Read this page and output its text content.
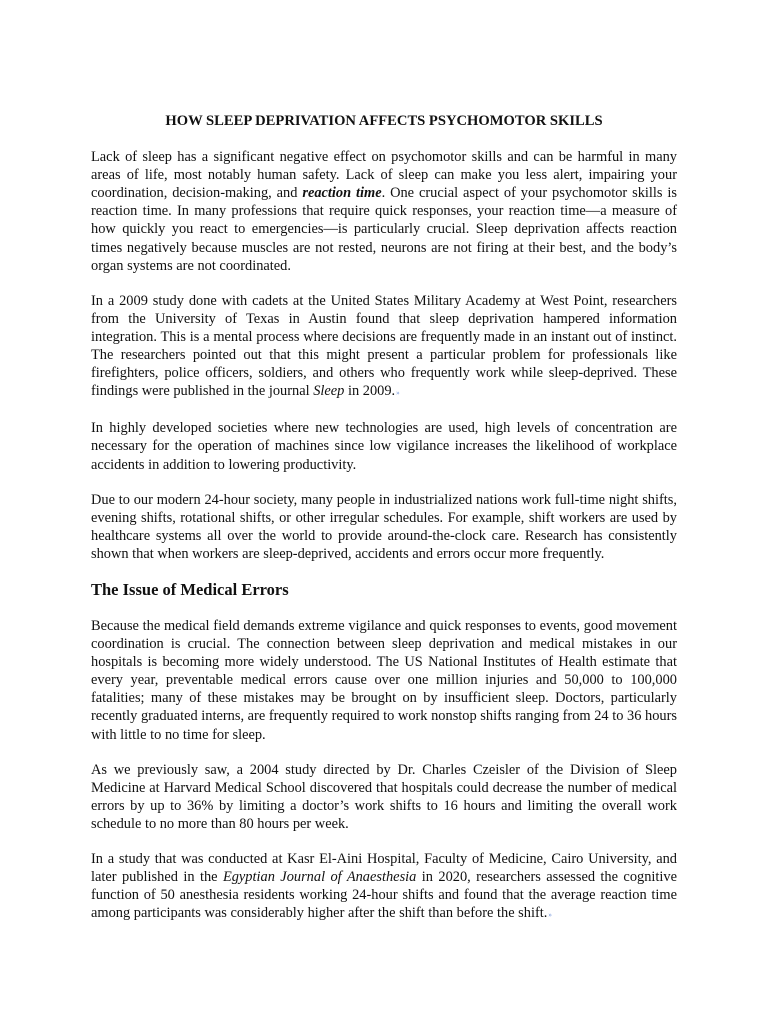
HOW SLEEP DEPRIVATION AFFECTS PSYCHOMOTOR SKILLS

Lack of sleep has a significant negative effect on psychomotor skills and can be harmful in many areas of life, most notably human safety. Lack of sleep can make you less alert, impairing your coordination, decision-making, and reaction time. One crucial aspect of your psychomotor skills is reaction time. In many professions that require quick responses, your reaction time—a measure of how quickly you react to emergencies—is particularly crucial. Sleep deprivation affects reaction times negatively because muscles are not rested, neurons are not firing at their best, and the body’s organ systems are not coordinated.

In a 2009 study done with cadets at the United States Military Academy at West Point, researchers from the University of Texas in Austin found that sleep deprivation hampered information integration. This is a mental process where decisions are frequently made in an instant out of instinct. The researchers pointed out that this might present a particular problem for professionals like firefighters, police officers, soldiers, and others who frequently work while sleep-deprived. These findings were published in the journal Sleep in 2009.»

In highly developed societies where new technologies are used, high levels of concentration are necessary for the operation of machines since low vigilance increases the likelihood of workplace accidents in addition to lowering productivity.

Due to our modern 24-hour society, many people in industrialized nations work full-time night shifts, evening shifts, rotational shifts, or other irregular schedules. For example, shift workers are used by healthcare systems all over the world to provide around-the-clock care. Research has consistently shown that when workers are sleep-deprived, accidents and errors occur more frequently.

The Issue of Medical Errors

Because the medical field demands extreme vigilance and quick responses to events, good movement coordination is crucial. The connection between sleep deprivation and medical mistakes in our hospitals is becoming more widely understood. The US National Institutes of Health estimate that every year, preventable medical errors cause over one million injuries and 50,000 to 100,000 fatalities; many of these mistakes may be brought on by insufficient sleep. Doctors, particularly recently graduated interns, are frequently required to work nonstop shifts ranging from 24 to 36 hours with little to no time for sleep.

As we previously saw, a 2004 study directed by Dr. Charles Czeisler of the Division of Sleep Medicine at Harvard Medical School discovered that hospitals could decrease the number of medical errors by up to 36% by limiting a doctor’s work shifts to 16 hours and limiting the overall work schedule to no more than 80 hours per week.

In a study that was conducted at Kasr El-Aini Hospital, Faculty of Medicine, Cairo University, and later published in the Egyptian Journal of Anaesthesia in 2020, researchers assessed the cognitive function of 50 anesthesia residents working 24-hour shifts and found that the average reaction time among participants was considerably higher after the shift than before the shift.»
